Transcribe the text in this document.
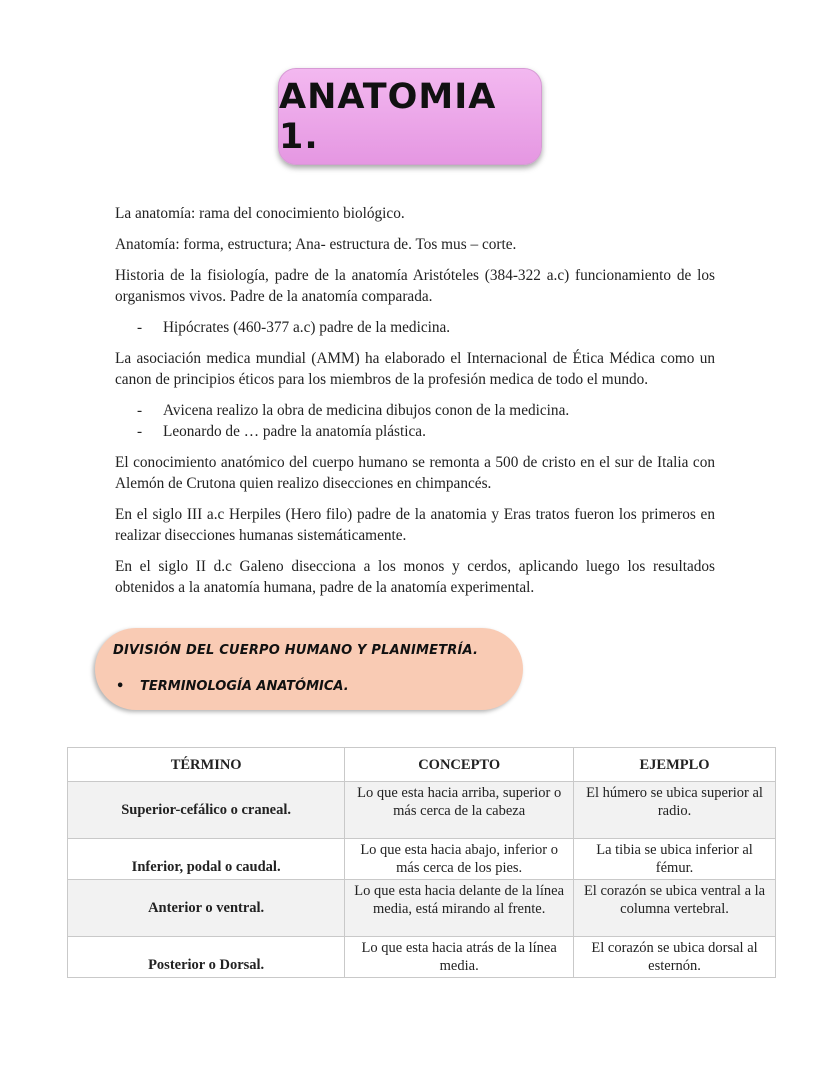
ANATOMIA 1.

La anatomía: rama del conocimiento biológico.

Anatomía: forma, estructura; Ana- estructura de. Tos mus – corte.

Historia de la fisiología, padre de la anatomía Aristóteles (384-322 a.c) funcionamiento de los organismos vivos. Padre de la anatomía comparada.

- Hipócrates (460-377 a.c) padre de la medicina.

La asociación medica mundial (AMM) ha elaborado el Internacional de Ética Médica como un canon de principios éticos para los miembros de la profesión medica de todo el mundo.

- Avicena realizo la obra de medicina dibujos conon de la medicina.
- Leonardo de … padre la anatomía plástica.

El conocimiento anatómico del cuerpo humano se remonta a 500 de cristo en el sur de Italia con Alemón de Crutona quien realizo disecciones en chimpancés.

En el siglo III a.c Herpiles (Hero filo) padre de la anatomia y Eras tratos fueron los primeros en realizar disecciones humanas sistemáticamente.

En el siglo II d.c Galeno disecciona a los monos y cerdos, aplicando luego los resultados obtenidos a la anatomía humana, padre de la anatomía experimental.

DIVISIÓN DEL CUERPO HUMANO Y PLANIMETRÍA.
• TERMINOLOGÍA ANATÓMICA.
TÉRMINO	CONCEPTO	EJEMPLO
Superior-cefálico o craneal.	Lo que esta hacia arriba, superior o más cerca de la cabeza	El húmero se ubica superior al radio.
Inferior, podal o caudal.	Lo que esta hacia abajo, inferior o más cerca de los pies.	La tibia se ubica inferior al fémur.
Anterior o ventral.	Lo que esta hacia delante de la línea media, está mirando al frente.	El corazón se ubica ventral a la columna vertebral.
Posterior o Dorsal.	Lo que esta hacia atrás de la línea media.	El corazón se ubica dorsal al esternón.
